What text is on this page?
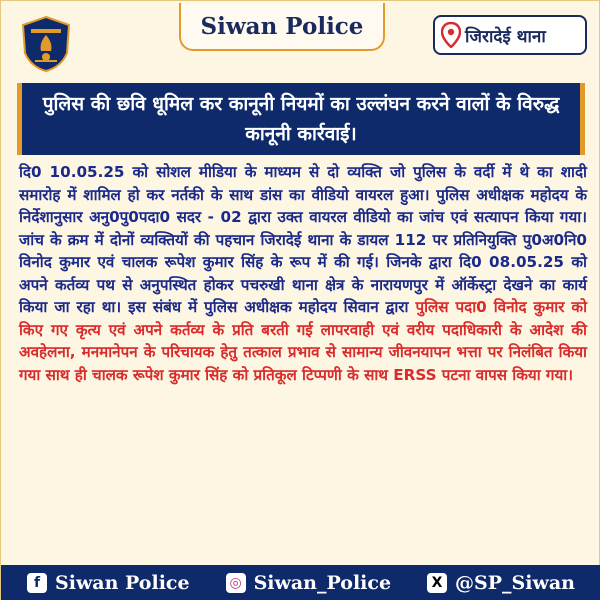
Siwan Police	जिरादेई थाना
पुलिस की छवि धूमिल कर कानूनी नियमों का उल्लंघन करने वालों के विरुद्ध कानूनी कार्रवाई।
दि0 10.05.25 को सोशल मीडिया के माध्यम से दो व्यक्ति जो पुलिस के वर्दी में थे का शादी समारोह में शामिल हो कर नर्तकी के साथ डांस का वीडियो वायरल हुआ। पुलिस अधीक्षक महोदय के निर्देशानुसार अनु0पु0पदा0 सदर - 02 द्वारा उक्त वायरल वीडियो का जांच एवं सत्यापन किया गया। जांच के क्रम में दोनों व्यक्तियों की पहचान जिरादेई थाना के डायल 112 पर प्रतिनियुक्ति पु0अ0नि0 विनोद कुमार एवं चालक रूपेश कुमार सिंह के रूप में की गई। जिनके द्वारा दि0 08.05.25 को अपने कर्तव्य पथ से अनुपस्थित होकर पचरुखी थाना क्षेत्र के नारायणपुर में ऑर्केस्ट्रा देखने का कार्य किया जा रहा था। इस संबंध में पुलिस अधीक्षक महोदय सिवान द्वारा पुलिस पदा0 विनोद कुमार को किए गए कृत्य एवं अपने कर्तव्य के प्रति बरती गई लापरवाही एवं वरीय पदाधिकारी के आदेश की अवहेलना, मनमानेपन के परिचायक हेतु तत्काल प्रभाव से सामान्य जीवनयापन भत्ता पर निलंबित किया गया साथ ही चालक रूपेश कुमार सिंह को प्रतिकूल टिप्पणी के साथ ERSS पटना वापस किया गया।
f Siwan Police	◎ Siwan_Police	X @SP_Siwan
